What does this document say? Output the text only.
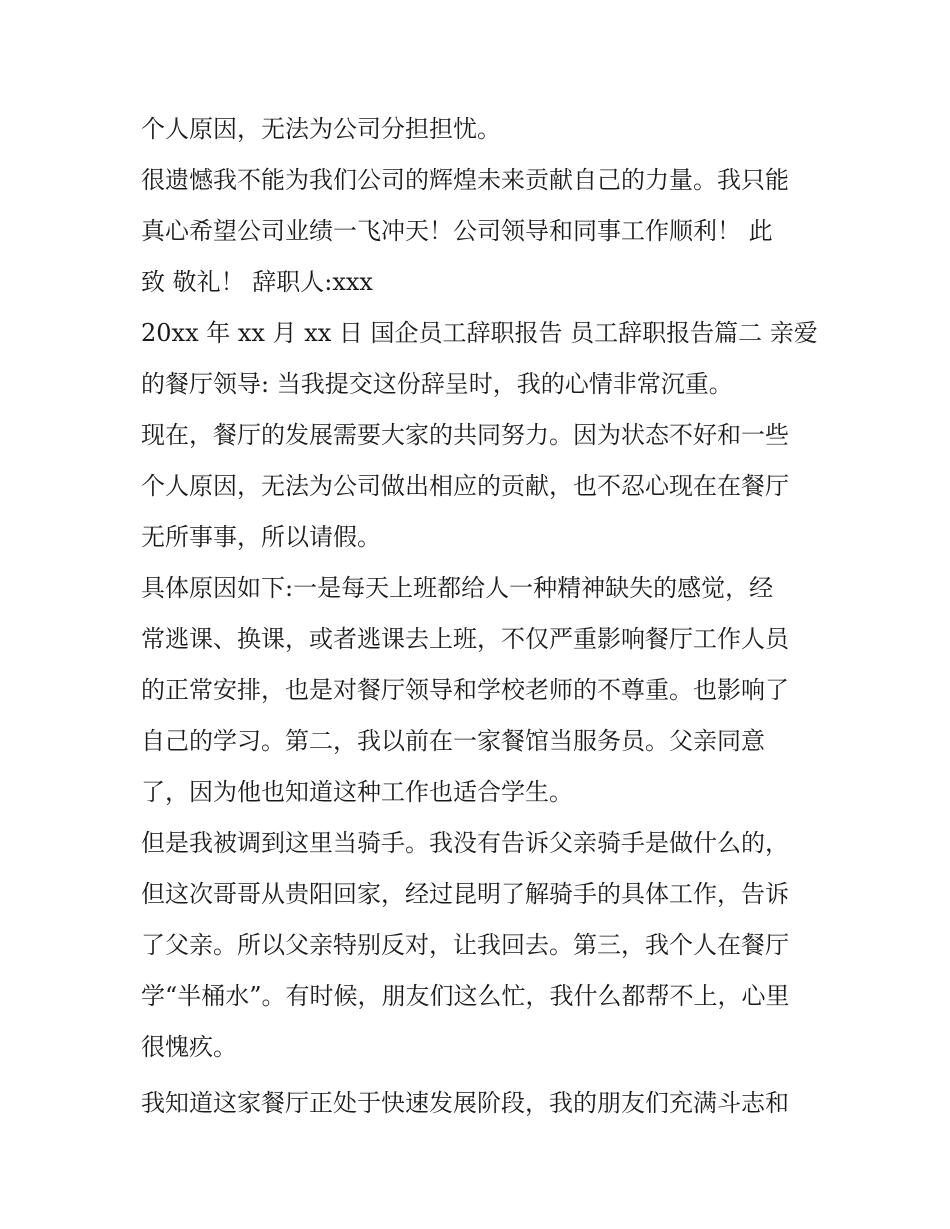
个人原因，无法为公司分担担忧。
很遗憾我不能为我们公司的辉煌未来贡献自己的力量。我只能
真心希望公司业绩一飞冲天！公司领导和同事工作顺利！ 此
致 敬礼！ 辞职人:xxx
20xx 年 xx 月 xx 日 国企员工辞职报告 员工辞职报告篇二 亲爱
的餐厅领导: 当我提交这份辞呈时，我的心情非常沉重。
现在，餐厅的发展需要大家的共同努力。因为状态不好和一些
个人原因，无法为公司做出相应的贡献，也不忍心现在在餐厅
无所事事，所以请假。
具体原因如下:一是每天上班都给人一种精神缺失的感觉，经
常逃课、换课，或者逃课去上班，不仅严重影响餐厅工作人员
的正常安排，也是对餐厅领导和学校老师的不尊重。也影响了
自己的学习。第二，我以前在一家餐馆当服务员。父亲同意
了，因为他也知道这种工作也适合学生。
但是我被调到这里当骑手。我没有告诉父亲骑手是做什么的，
但这次哥哥从贵阳回家，经过昆明了解骑手的具体工作，告诉
了父亲。所以父亲特别反对，让我回去。第三，我个人在餐厅
学“半桶水”。有时候，朋友们这么忙，我什么都帮不上，心里
很愧疚。
我知道这家餐厅正处于快速发展阶段，我的朋友们充满斗志和
